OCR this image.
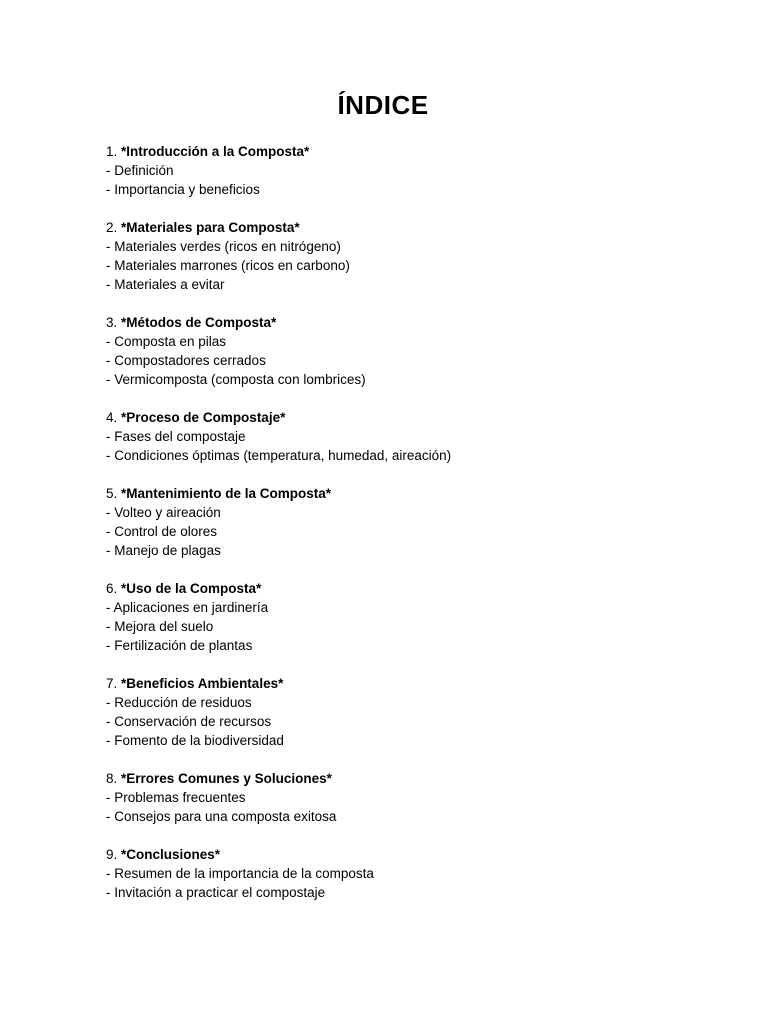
ÍNDICE
1. *Introducción a la Composta*
- Definición
- Importancia y beneficios
2. *Materiales para Composta*
- Materiales verdes (ricos en nitrógeno)
- Materiales marrones (ricos en carbono)
- Materiales a evitar
3. *Métodos de Composta*
- Composta en pilas
- Compostadores cerrados
- Vermicomposta (composta con lombrices)
4. *Proceso de Compostaje*
- Fases del compostaje
- Condiciones óptimas (temperatura, humedad, aireación)
5. *Mantenimiento de la Composta*
- Volteo y aireación
- Control de olores
- Manejo de plagas
6. *Uso de la Composta*
- Aplicaciones en jardinería
- Mejora del suelo
- Fertilización de plantas
7. *Beneficios Ambientales*
- Reducción de residuos
- Conservación de recursos
- Fomento de la biodiversidad
8. *Errores Comunes y Soluciones*
- Problemas frecuentes
- Consejos para una composta exitosa
9. *Conclusiones*
- Resumen de la importancia de la composta
- Invitación a practicar el compostaje
